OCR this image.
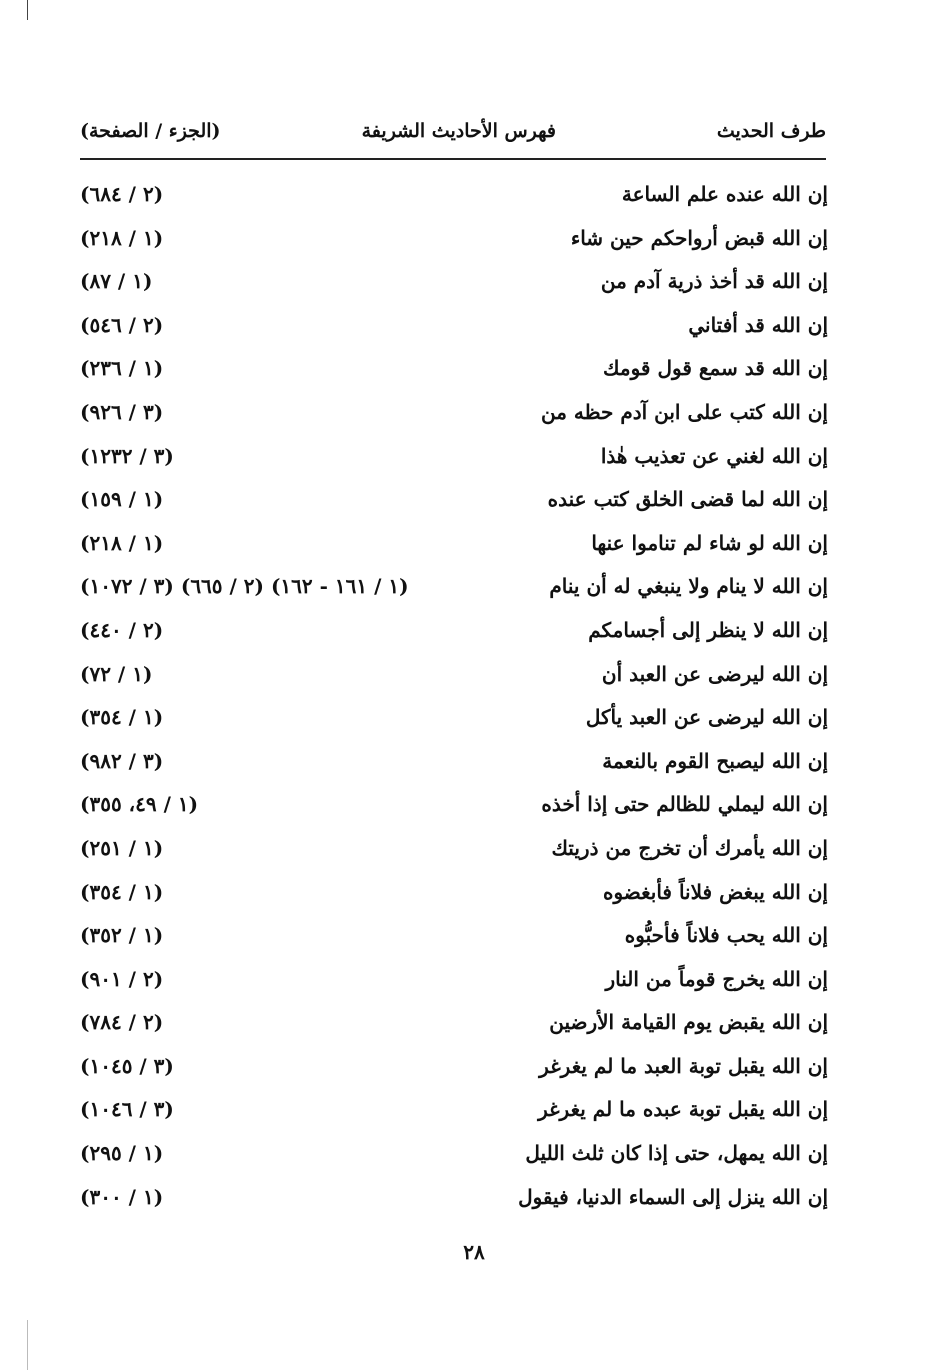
طرف الحديث
فهرس الأحاديث الشريفة
(الجزء / الصفحة)
إن الله عنده علم الساعة
(٢ / ٦٨٤)
إن الله قبض أرواحكم حين شاء
(١ / ٢١٨)
إن الله قد أخذ ذرية آدم من
(١ / ٨٧)
إن الله قد أفتاني
(٢ / ٥٤٦)
إن الله قد سمع قول قومك
(١ / ٢٣٦)
إن الله كتب على ابن آدم حظه من
(٣ / ٩٢٦)
إن الله لغني عن تعذيب هٰذا
(٣ / ١٢٣٢)
إن الله لما قضى الخلق كتب عنده
(١ / ١٥٩)
إن الله لو شاء لم تناموا عنها
(١ / ٢١٨)
إن الله لا ينام ولا ينبغي له أن ينام
(١ / ١٦١ - ١٦٢) (٢ / ٦٦٥) (٣ / ١٠٧٢)
إن الله لا ينظر إلى أجسامكم
(٢ / ٤٤٠)
إن الله ليرضى عن العبد أن
(١ / ٧٢)
إن الله ليرضى عن العبد يأكل
(١ / ٣٥٤)
إن الله ليصبح القوم بالنعمة
(٣ / ٩٨٢)
إن الله ليملي للظالم حتى إذا أخذه
(١ / ٤٩، ٣٥٥)
إن الله يأمرك أن تخرج من ذريتك
(١ / ٢٥١)
إن الله يبغض فلاناً فأبغضوه
(١ / ٣٥٤)
إن الله يحب فلاناً فأحبُّوه
(١ / ٣٥٢)
إن الله يخرج قوماً من النار
(٢ / ٩٠١)
إن الله يقبض يوم القيامة الأرضين
(٢ / ٧٨٤)
إن الله يقبل توبة العبد ما لم يغرغر
(٣ / ١٠٤٥)
إن الله يقبل توبة عبده ما لم يغرغر
(٣ / ١٠٤٦)
إن الله يمهل، حتى إذا كان ثلث الليل
(١ / ٢٩٥)
إن الله ينزل إلى السماء الدنيا، فيقول
(١ / ٣٠٠)
٢٨
